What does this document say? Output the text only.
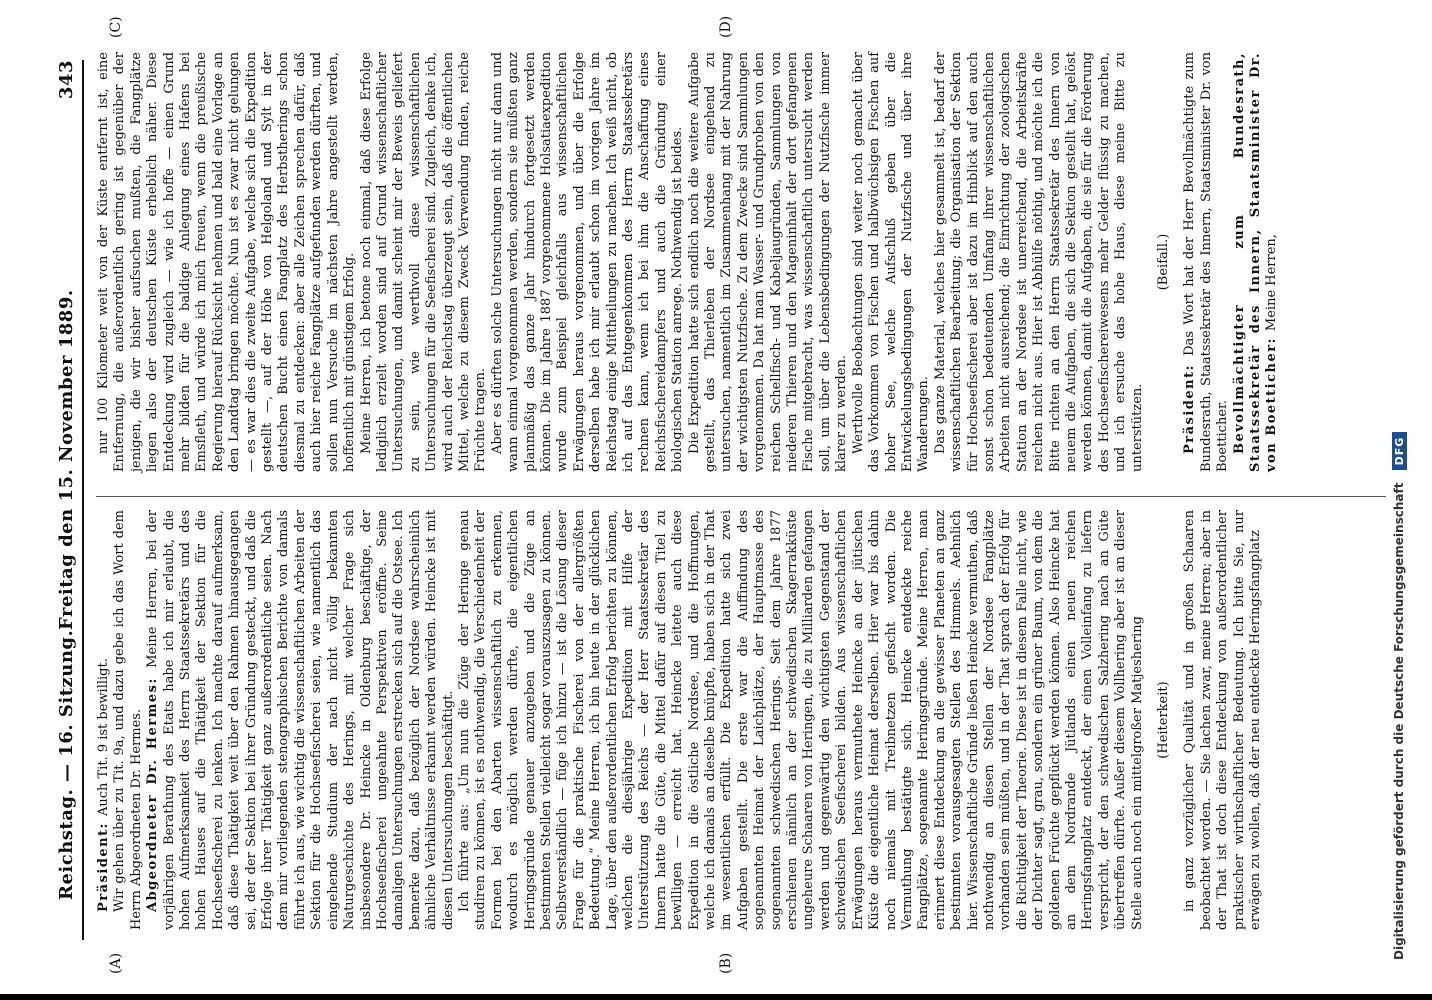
Reichstag. — 16. Sitzung.
Freitag den 15. November 1889.
343
(A)	(B)
(C)	(D)

Präsident: Auch Tit. 9 ist bewilligt. Wir gehen über zu Tit. 9a, und dazu gebe ich das Wort dem Herrn Abgeordneten Dr. Hermes. Abgeordneter Dr. Hermes: Meine Herren, bei der vorjährigen Berathung des Etats habe ich mir erlaubt, die hohen Aufmerksamkeit des Herrn Staatssekretärs und des hohen Hauses auf die Thätigkeit der Sektion für die Hochseefischerei zu lenken. Ich machte darauf aufmerksam, daß diese Thätigkeit weit über den Rahmen hinausgegangen sei, der der Sektion bei ihrer Gründung gesteckt, und daß die Erfolge ihrer Thätigkeit ganz außerordentliche seien. Nach dem mir vorliegenden stenographischen Berichte von damals führte ich aus, wie wichtig die wissenschaftlichen Arbeiten der Sektion für die Hochseefischerei seien, wie namentlich das eingehende Studium der nach nicht völlig bekannten Naturgeschichte des Herings, mit welcher Frage sich insbesondere Dr. Heincke in Oldenburg beschäftige, der Hochseefischerei ungeahnte Perspektiven eröffne. Seine damaligen Untersuchungen erstrecken sich auf die Ostsee. Ich bemerke dazu, daß bezüglich der Nordsee wahrscheinlich ähnliche Verhältnisse erkannt werden würden. Heincke ist mit diesen Untersuchungen beschäftigt. Ich führte aus: „Um nun die Züge der Heringe genau studiren zu können, ist es nothwendig, die Verschiedenheit der Formen bei den Abarten wissenschaftlich zu erkennen, wodurch es möglich werden dürfte, die eigentlichen Heringsgründe genauer anzugeben und die Züge an bestimmten Stellen vielleicht sogar vorauszusagen zu können. Selbstverständlich — füge ich hinzu — ist die Lösung dieser Frage für die praktische Fischerei von der allergrößten Bedeutung.“ Meine Herren, ich bin heute in der glücklichen Lage, über den außerordentlichen Erfolg berichten zu können, welchen die diesjährige Expedition mit Hilfe der Unterstützung des Reichs — der Herr Staatssekretär des Innern hatte die Güte, die Mittel dafür auf diesen Titel zu bewilligen — erreicht hat. Heincke leitete auch diese Expedition in die östliche Nordsee, und die Hoffnungen, welche ich damals an dieselbe knüpfte, haben sich in der That im wesentlichen erfüllt. Die Expedition hatte sich zwei Aufgaben gestellt. Die erste war die Auffindung des sogenannten Heimat der Laichplätze, der Hauptmasse des sogenannten schwedischen Herings. Seit dem Jahre 1877 erschienen nämlich an der schwedischen Skagerrakküste ungeheure Schaaren von Heringen, die zu Milliarden gefangen werden und gegenwärtig den wichtigsten Gegenstand der schwedischen Seefischerei bilden. Aus wissenschaftlichen Erwägungen heraus vermuthete Heincke an der jütischen Küste die eigentliche Heimat derselben. Hier war bis dahin noch niemals mit Treibnetzen gefischt worden. Die Vermuthung bestätigte sich. Heincke entdeckte reiche Fangplätze, sogenannte Heringsgründe. Meine Herren, man erinnert diese Entdeckung an die gewisser Planeten an ganz bestimmten vorausgesagten Stellen des Himmels. Aehnlich hier. Wissenschaftliche Gründe ließen Heincke vermuthen, daß nothwendig an diesen Stellen der Nordsee Fangplätze vorhanden sein müßten, und in der That sprach der Erfolg für die Richtigkeit der Theorie. Diese ist in diesem Falle nicht, wie der Dichter sagt, grau, sondern ein grüner Baum, von dem die goldenen Früchte gepflückt werden können. Also Heincke hat an dem Nordrande Jütlands einen neuen reichen Heringsfangplatz entdeckt, der einen Volleinfang zu liefern verspricht, der den schwedischen Salzhering nach an Güte übertreffen dürfte. Außer diesem Vollhering aber ist an dieser Stelle auch noch ein mittelgroßer Matjeshering (Heiterkeit) in ganz vorzüglicher Qualität und in großen Schaaren beobachtet worden. — Sie lachen zwar, meine Herren; aber in der That ist doch diese Entdeckung von außerordentlicher praktischer wirthschaftlicher Bedeutung. Ich bitte Sie, nur erwägen zu wollen, daß der neu entdeckte Heringsfangplatz

nur 100 Kilometer weit von der Küste entfernt ist, eine Entfernung, die außerordentlich gering ist gegenüber der jenigen, die wir bisher aufsuchen mußten, die Fangplätze liegen also der deutschen Küste erheblich näher. Diese Entdeckung wird zugleich — wie ich hoffe — einen Grund mehr bilden für die baldige Anlegung eines Hafens bei Emsfleth, und würde ich mich freuen, wenn die preußische Regierung hierauf Rücksicht nehmen und bald eine Vorlage an den Landtag bringen möchte. Nun ist es zwar nicht gelungen — es war dies die zweite Aufgabe, welche sich die Expedition gestellt —, auf der Höhe von Helgoland und Sylt in der deutschen Bucht einen Fangplatz des Herbstherings schon diesmal zu entdecken: aber alle Zeichen sprechen dafür, daß auch hier reiche Fangplätze aufgefunden werden dürften, und sollen nun Versuche im nächsten Jahre angestellt werden, hoffentlich mit günstigem Erfolg. Meine Herren, ich betone noch einmal, daß diese Erfolge lediglich erzielt worden sind auf Grund wissenschaftlicher Untersuchungen, und damit scheint mir der Beweis geliefert zu sein, wie werthvoll diese wissenschaftlichen Untersuchungen für die Seefischerei sind. Zugleich, denke ich, wird auch der Reichstag überzeugt sein, daß die öffentlichen Mittel, welche zu diesem Zweck Verwendung finden, reiche Früchte tragen. Aber es dürften solche Untersuchungen nicht nur dann und wann einmal vorgenommen werden, sondern sie müßten ganz planmäßig das ganze Jahr hindurch fortgesetzt werden können. Die im Jahre 1887 vorgenommene Holsatiaexpedition wurde zum Beispiel gleichfalls aus wissenschaftlichen Erwägungen heraus vorgenommen, und über die Erfolge derselben habe ich mir erlaubt schon im vorigen Jahre im Reichstag einige Mittheilungen zu machen. Ich weiß nicht, ob ich auf das Entgegenkommen des Herrn Staatssekretärs rechnen kann, wenn ich bei ihm die Anschaffung eines Reichsfischereidampfers und auch die Gründung einer biologischen Station anrege. Nothwendig ist beides. Die Expedition hatte sich endlich noch die weitere Aufgabe gestellt, das Thierleben der Nordsee eingehend zu untersuchen, namentlich im Zusammenhang mit der Nahrung der wichtigsten Nutzfische. Zu dem Zwecke sind Sammlungen vorgenommen. Da hat man Wasser- und Grundproben von den reichen Schellfisch- und Kabeljaugründen, Sammlungen von niederen Thieren und den Mageninhalt der dort gefangenen Fische mitgebracht, was wissenschaftlich untersucht werden soll, um über die Lebensbedingungen der Nutzfische immer klarer zu werden. Werthvolle Beobachtungen sind weiter noch gemacht über das Vorkommen von Fischen und halbwüchsigen Fischen auf hoher See, welche Aufschluß geben über die Entwickelungsbedingungen der Nutzfische und über ihre Wanderungen. Das ganze Material, welches hier gesammelt ist, bedarf der wissenschaftlichen Bearbeitung; die Organisation der Sektion für Hochseefischerei aber ist dazu im Hinblick auf den auch sonst schon bedeutenden Umfang ihrer wissenschaftlichen Arbeiten nicht ausreichend; die Einrichtung der zoologischen Station an der Nordsee ist unerreichend, die Arbeitskräfte reichen nicht aus. Hier ist Abhülfe nöthig, und möchte ich die Bitte richten an den Herrn Staatssekretär des Innern von neuem die Aufgaben, die sich die Sektion gestellt hat, gelöst werden können, damit die Aufgaben, die sie für die Förderung des Hochseefischereiwesens mehr Gelder flüssig zu machen, und ich ersuche das hohe Haus, diese meine Bitte zu unterstützen.

(Beifall.)

Präsident: Das Wort hat der Herr Bevollmächtigte zum Bundesrath, Staatssekretär des Innern, Staatsminister Dr. von Boetticher. Bevollmächtigter zum Bundesrath, Staatssekretär des Innern, Staatsminister Dr. von Boetticher: Meine Herren,

Digitalisierung gefördert durch die Deutsche Forschungsgemeinschaft DFG
